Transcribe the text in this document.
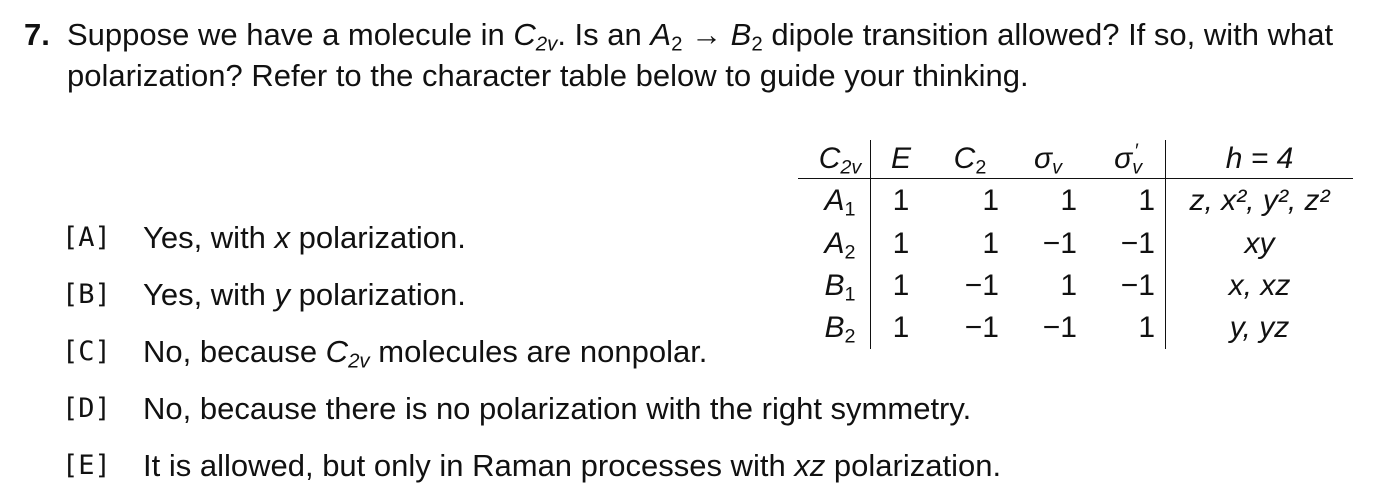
7. Suppose we have a molecule in $C_{2v}$. Is an $A_2 \to B_2$ dipole transition allowed? If so, with what polarization? Refer to the character table below to guide your thinking.
$C_{2v}$	E	$C_2$	$\sigma_v$	$\sigma_v'$	h = 4
$A_1$	1	1	1	1	z, x², y², z²
$A_2$	1	1	−1	−1	xy
$B_1$	1	−1	1	−1	x, xz
$B_2$	1	−1	−1	1	y, yz
[A]	Yes, with x polarization.
[B]	Yes, with y polarization.
[C]	No, because $C_{2v}$ molecules are nonpolar.
[D]	No, because there is no polarization with the right symmetry.
[E]	It is allowed, but only in Raman processes with xz polarization.
